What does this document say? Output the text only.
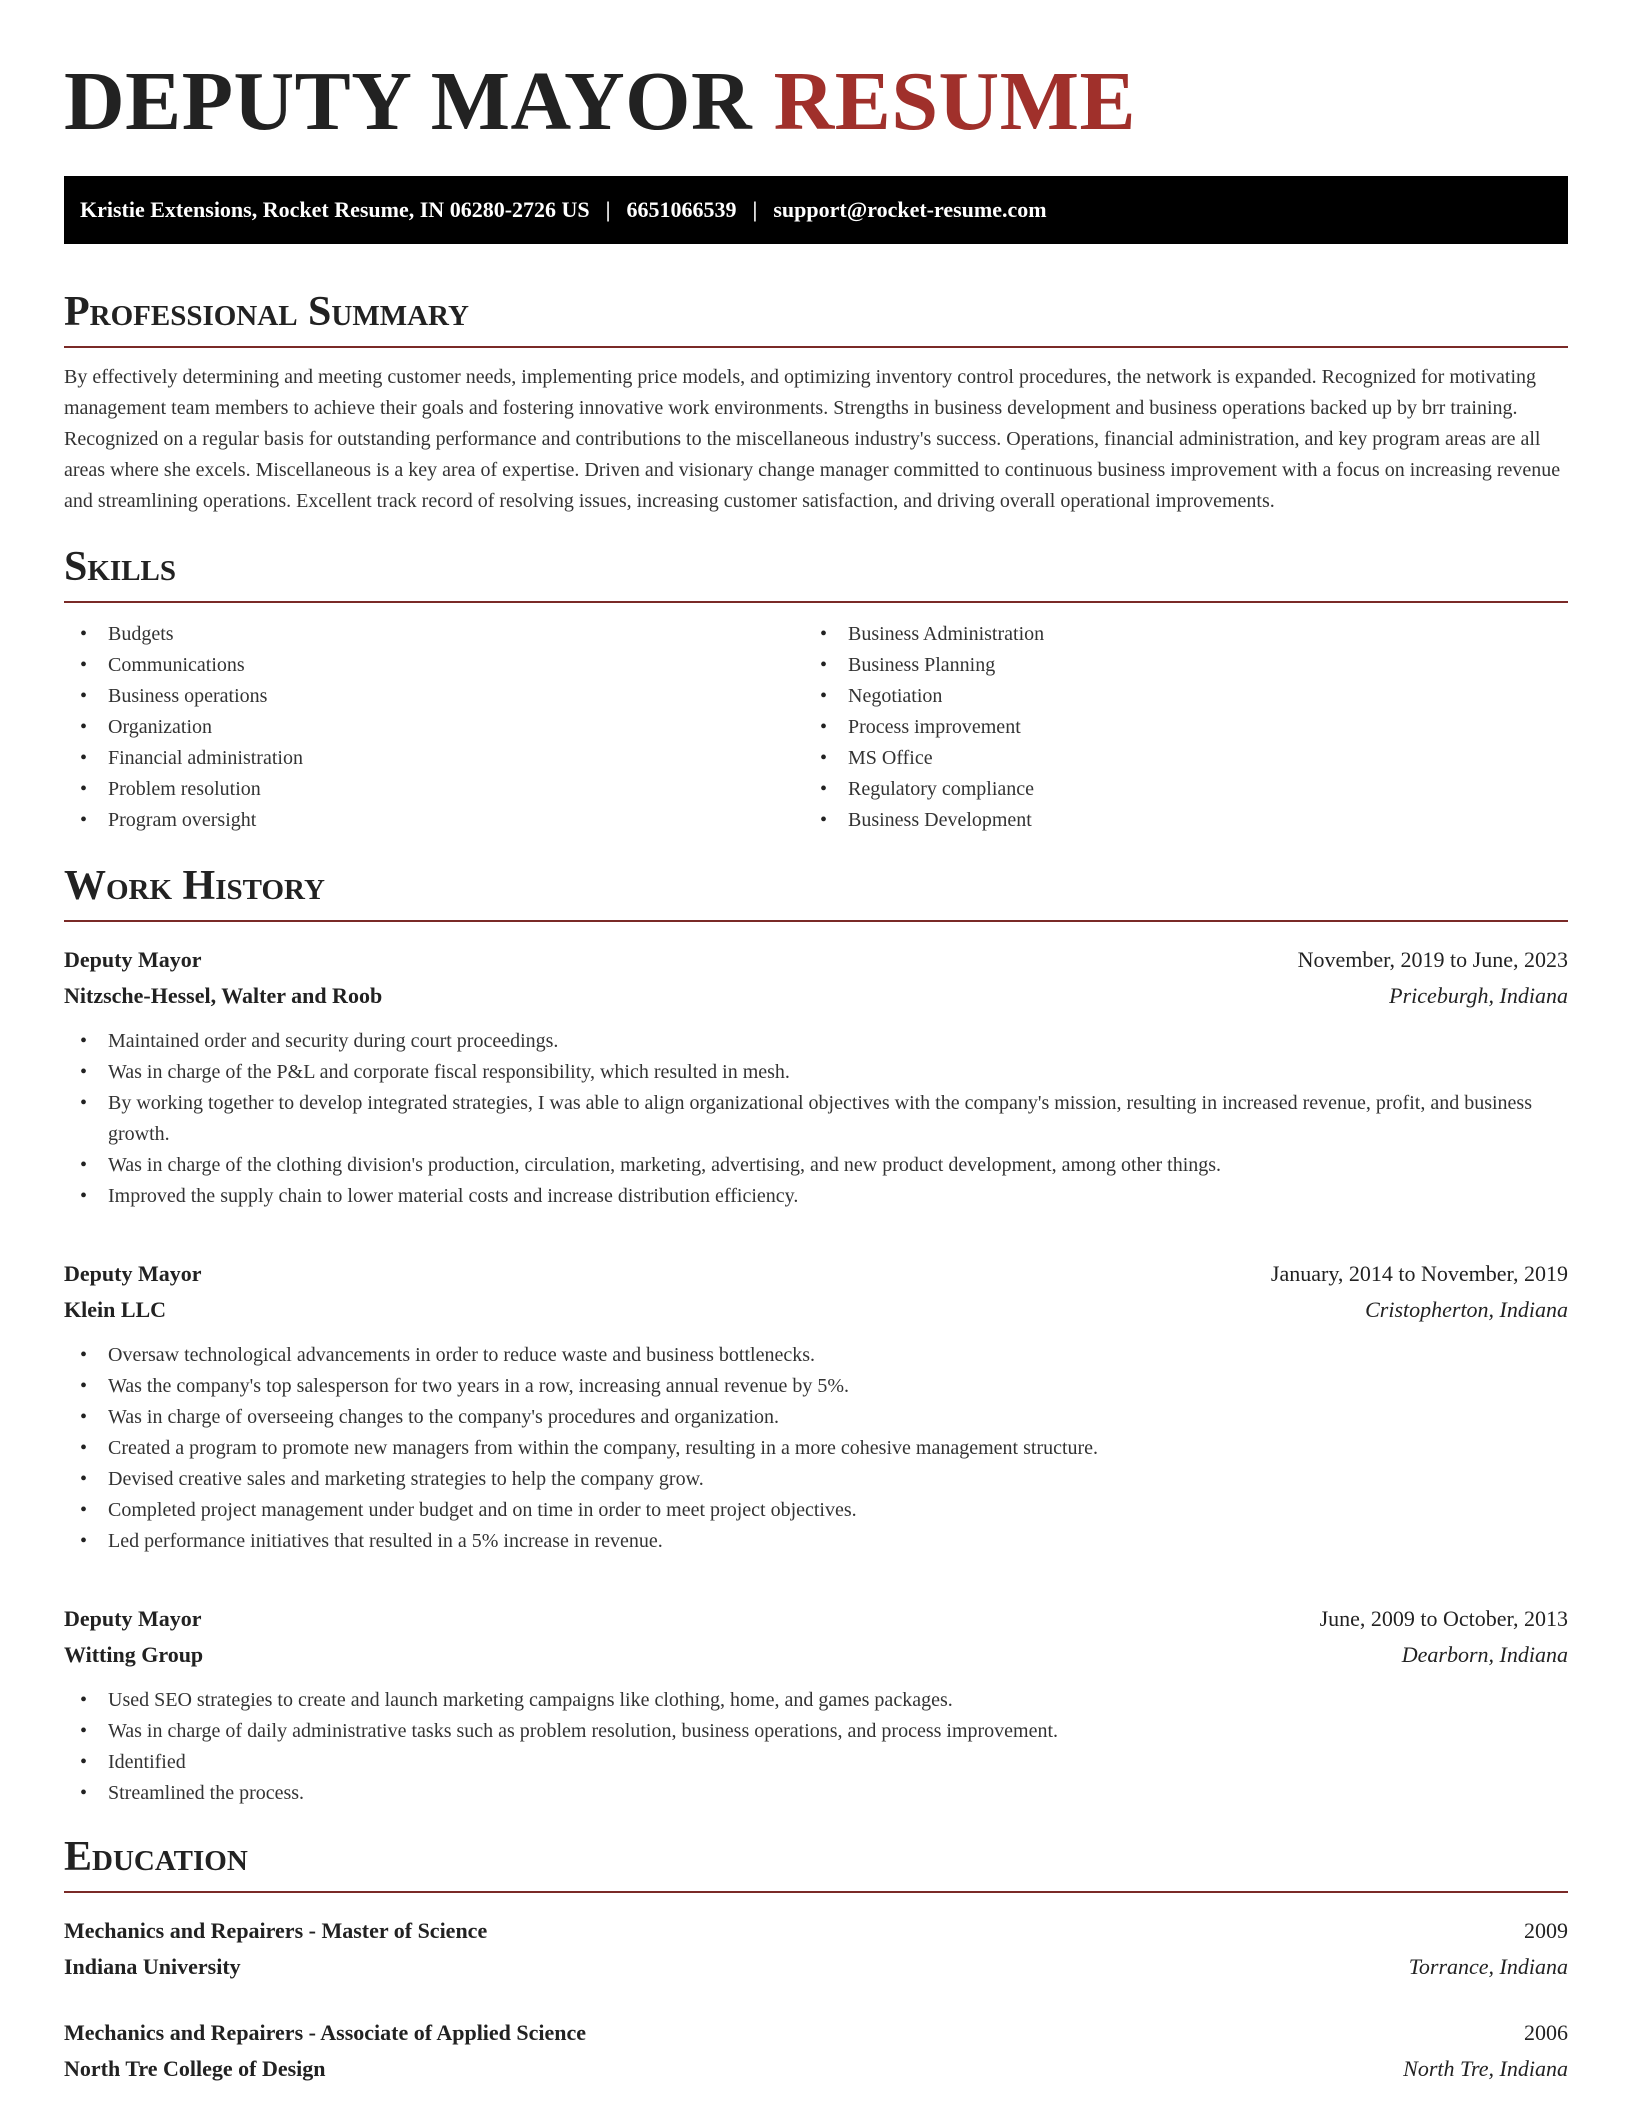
DEPUTY MAYOR RESUME
Kristie Extensions, Rocket Resume, IN 06280-2726 US | 6651066539 | support@rocket-resume.com
Professional Summary

By effectively determining and meeting customer needs, implementing price models, and optimizing inventory control procedures, the network is expanded. Recognized for motivating management team members to achieve their goals and fostering innovative work environments. Strengths in business development and business operations backed up by brr training. Recognized on a regular basis for outstanding performance and contributions to the miscellaneous industry's success. Operations, financial administration, and key program areas are all areas where she excels. Miscellaneous is a key area of expertise. Driven and visionary change manager committed to continuous business improvement with a focus on increasing revenue and streamlining operations. Excellent track record of resolving issues, increasing customer satisfaction, and driving overall operational improvements.

Skills
• Budgets
• Communications
• Business operations
• Organization
• Financial administration
• Problem resolution
• Program oversight
• Business Administration
• Business Planning
• Negotiation
• Process improvement
• MS Office
• Regulatory compliance
• Business Development
Work History
Deputy Mayor	November, 2019 to June, 2023
Nitzsche-Hessel, Walter and Roob	Priceburgh, Indiana
• Maintained order and security during court proceedings.
• Was in charge of the P&L and corporate fiscal responsibility, which resulted in mesh.
• By working together to develop integrated strategies, I was able to align organizational objectives with the company's mission, resulting in increased revenue, profit, and business growth.
• Was in charge of the clothing division's production, circulation, marketing, advertising, and new product development, among other things.
• Improved the supply chain to lower material costs and increase distribution efficiency.
Deputy Mayor	January, 2014 to November, 2019
Klein LLC	Cristopherton, Indiana
• Oversaw technological advancements in order to reduce waste and business bottlenecks.
• Was the company's top salesperson for two years in a row, increasing annual revenue by 5%.
• Was in charge of overseeing changes to the company's procedures and organization.
• Created a program to promote new managers from within the company, resulting in a more cohesive management structure.
• Devised creative sales and marketing strategies to help the company grow.
• Completed project management under budget and on time in order to meet project objectives.
• Led performance initiatives that resulted in a 5% increase in revenue.
Deputy Mayor	June, 2009 to October, 2013
Witting Group	Dearborn, Indiana
• Used SEO strategies to create and launch marketing campaigns like clothing, home, and games packages.
• Was in charge of daily administrative tasks such as problem resolution, business operations, and process improvement.
• Identified
• Streamlined the process.
Education
Mechanics and Repairers - Master of Science	2009
Indiana University	Torrance, Indiana
Mechanics and Repairers - Associate of Applied Science	2006
North Tre College of Design	North Tre, Indiana
